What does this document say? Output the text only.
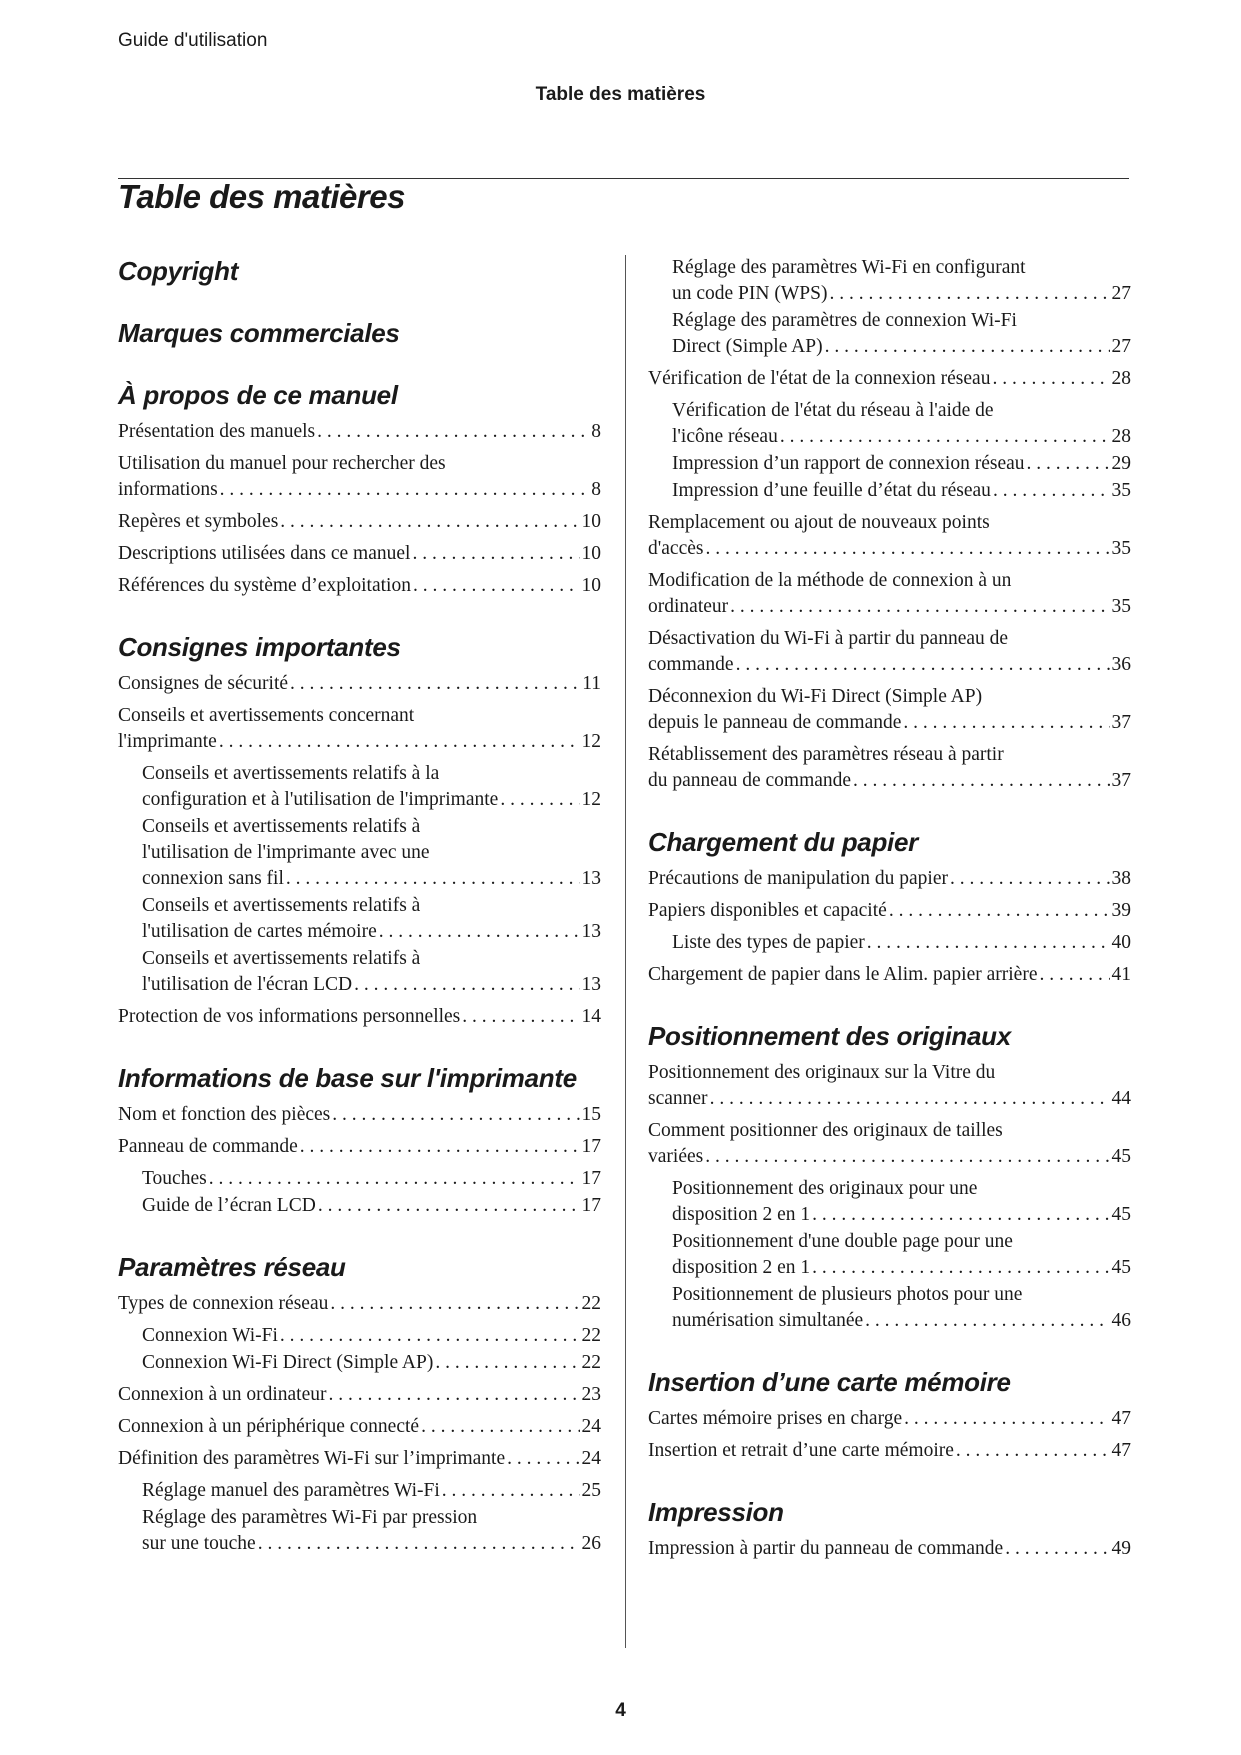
Guide d'utilisation
Table des matières
Table des matières
Copyright
Marques commerciales
À propos de ce manuel
Présentation des manuels . . .	8
Utilisation du manuel pour rechercher des
informations . . .	8
Repères et symboles . . .	10
Descriptions utilisées dans ce manuel . . .	10
Références du système d’exploitation . . .	10
Consignes importantes
Consignes de sécurité . . .	11
Conseils et avertissements concernant
l'imprimante . . .	12
Conseils et avertissements relatifs à la
configuration et à l'utilisation de l'imprimante . . .	12
Conseils et avertissements relatifs à
l'utilisation de l'imprimante avec une
connexion sans fil . . .	13
Conseils et avertissements relatifs à
l'utilisation de cartes mémoire . . .	13
Conseils et avertissements relatifs à
l'utilisation de l'écran LCD . . .	13
Protection de vos informations personnelles . . .	14
Informations de base sur l'imprimante
Nom et fonction des pièces . . .	15
Panneau de commande . . .	17
Touches . . .	17
Guide de l’écran LCD . . .	17
Paramètres réseau
Types de connexion réseau . . .	22
Connexion Wi-Fi . . .	22
Connexion Wi-Fi Direct (Simple AP) . . .	22
Connexion à un ordinateur . . .	23
Connexion à un périphérique connecté . . .	24
Définition des paramètres Wi-Fi sur l’imprimante . . .	24
Réglage manuel des paramètres Wi-Fi . . .	25
Réglage des paramètres Wi-Fi par pression
sur une touche . . .	26
Réglage des paramètres Wi-Fi en configurant
un code PIN (WPS) . . .	27
Réglage des paramètres de connexion Wi-Fi
Direct (Simple AP) . . .	27
Vérification de l'état de la connexion réseau . . .	28
Vérification de l'état du réseau à l'aide de
l'icône réseau . . .	28
Impression d’un rapport de connexion réseau . . .	29
Impression d’une feuille d’état du réseau . . .	35
Remplacement ou ajout de nouveaux points
d'accès . . .	35
Modification de la méthode de connexion à un
ordinateur . . .	35
Désactivation du Wi-Fi à partir du panneau de
commande . . .	36
Déconnexion du Wi-Fi Direct (Simple AP)
depuis le panneau de commande . . .	37
Rétablissement des paramètres réseau à partir
du panneau de commande . . .	37
Chargement du papier
Précautions de manipulation du papier . . .	38
Papiers disponibles et capacité . . .	39
Liste des types de papier . . .	40
Chargement de papier dans le Alim. papier arrière . . .	41
Positionnement des originaux
Positionnement des originaux sur la Vitre du
scanner . . .	44
Comment positionner des originaux de tailles
variées . . .	45
Positionnement des originaux pour une
disposition 2 en 1 . . .	45
Positionnement d'une double page pour une
disposition 2 en 1 . . .	45
Positionnement de plusieurs photos pour une
numérisation simultanée . . .	46
Insertion d’une carte mémoire
Cartes mémoire prises en charge . . .	47
Insertion et retrait d’une carte mémoire . . .	47
Impression
Impression à partir du panneau de commande . . .	49
4
